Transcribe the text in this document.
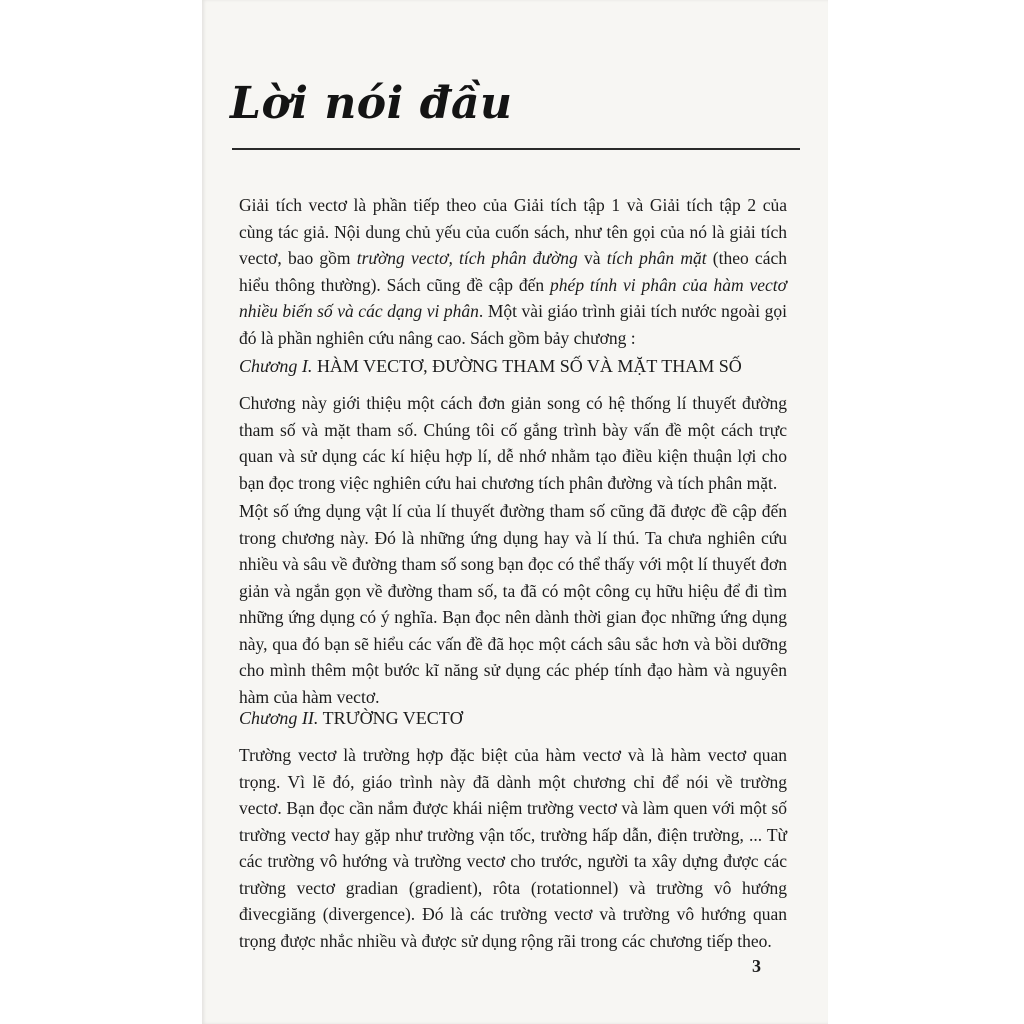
Lời nói đầu
Giải tích vectơ là phần tiếp theo của Giải tích tập 1 và Giải tích tập 2 của cùng tác giả. Nội dung chủ yếu của cuốn sách, như tên gọi của nó là giải tích vectơ, bao gồm trường vectơ, tích phân đường và tích phân mặt (theo cách hiểu thông thường). Sách cũng đề cập đến phép tính vi phân của hàm vectơ nhiều biến số và các dạng vi phân. Một vài giáo trình giải tích nước ngoài gọi đó là phần nghiên cứu nâng cao. Sách gồm bảy chương :
Chương I. HÀM VECTƠ, ĐƯỜNG THAM SỐ VÀ MẶT THAM SỐ
Chương này giới thiệu một cách đơn giản song có hệ thống lí thuyết đường tham số và mặt tham số. Chúng tôi cố gắng trình bày vấn đề một cách trực quan và sử dụng các kí hiệu hợp lí, dễ nhớ nhằm tạo điều kiện thuận lợi cho bạn đọc trong việc nghiên cứu hai chương tích phân đường và tích phân mặt.
Một số ứng dụng vật lí của lí thuyết đường tham số cũng đã được đề cập đến trong chương này. Đó là những ứng dụng hay và lí thú. Ta chưa nghiên cứu nhiều và sâu về đường tham số song bạn đọc có thể thấy với một lí thuyết đơn giản và ngắn gọn về đường tham số, ta đã có một công cụ hữu hiệu để đi tìm những ứng dụng có ý nghĩa. Bạn đọc nên dành thời gian đọc những ứng dụng này, qua đó bạn sẽ hiểu các vấn đề đã học một cách sâu sắc hơn và bồi dưỡng cho mình thêm một bước kĩ năng sử dụng các phép tính đạo hàm và nguyên hàm của hàm vectơ.
Chương II. TRƯỜNG VECTƠ
Trường vectơ là trường hợp đặc biệt của hàm vectơ và là hàm vectơ quan trọng. Vì lẽ đó, giáo trình này đã dành một chương chỉ để nói về trường vectơ. Bạn đọc cần nắm được khái niệm trường vectơ và làm quen với một số trường vectơ hay gặp như trường vận tốc, trường hấp dẫn, điện trường, ... Từ các trường vô hướng và trường vectơ cho trước, người ta xây dựng được các trường vectơ gradian (gradient), rôta (rotationnel) và trường vô hướng đivecgiăng (divergence). Đó là các trường vectơ và trường vô hướng quan trọng được nhắc nhiều và được sử dụng rộng rãi trong các chương tiếp theo.
3
